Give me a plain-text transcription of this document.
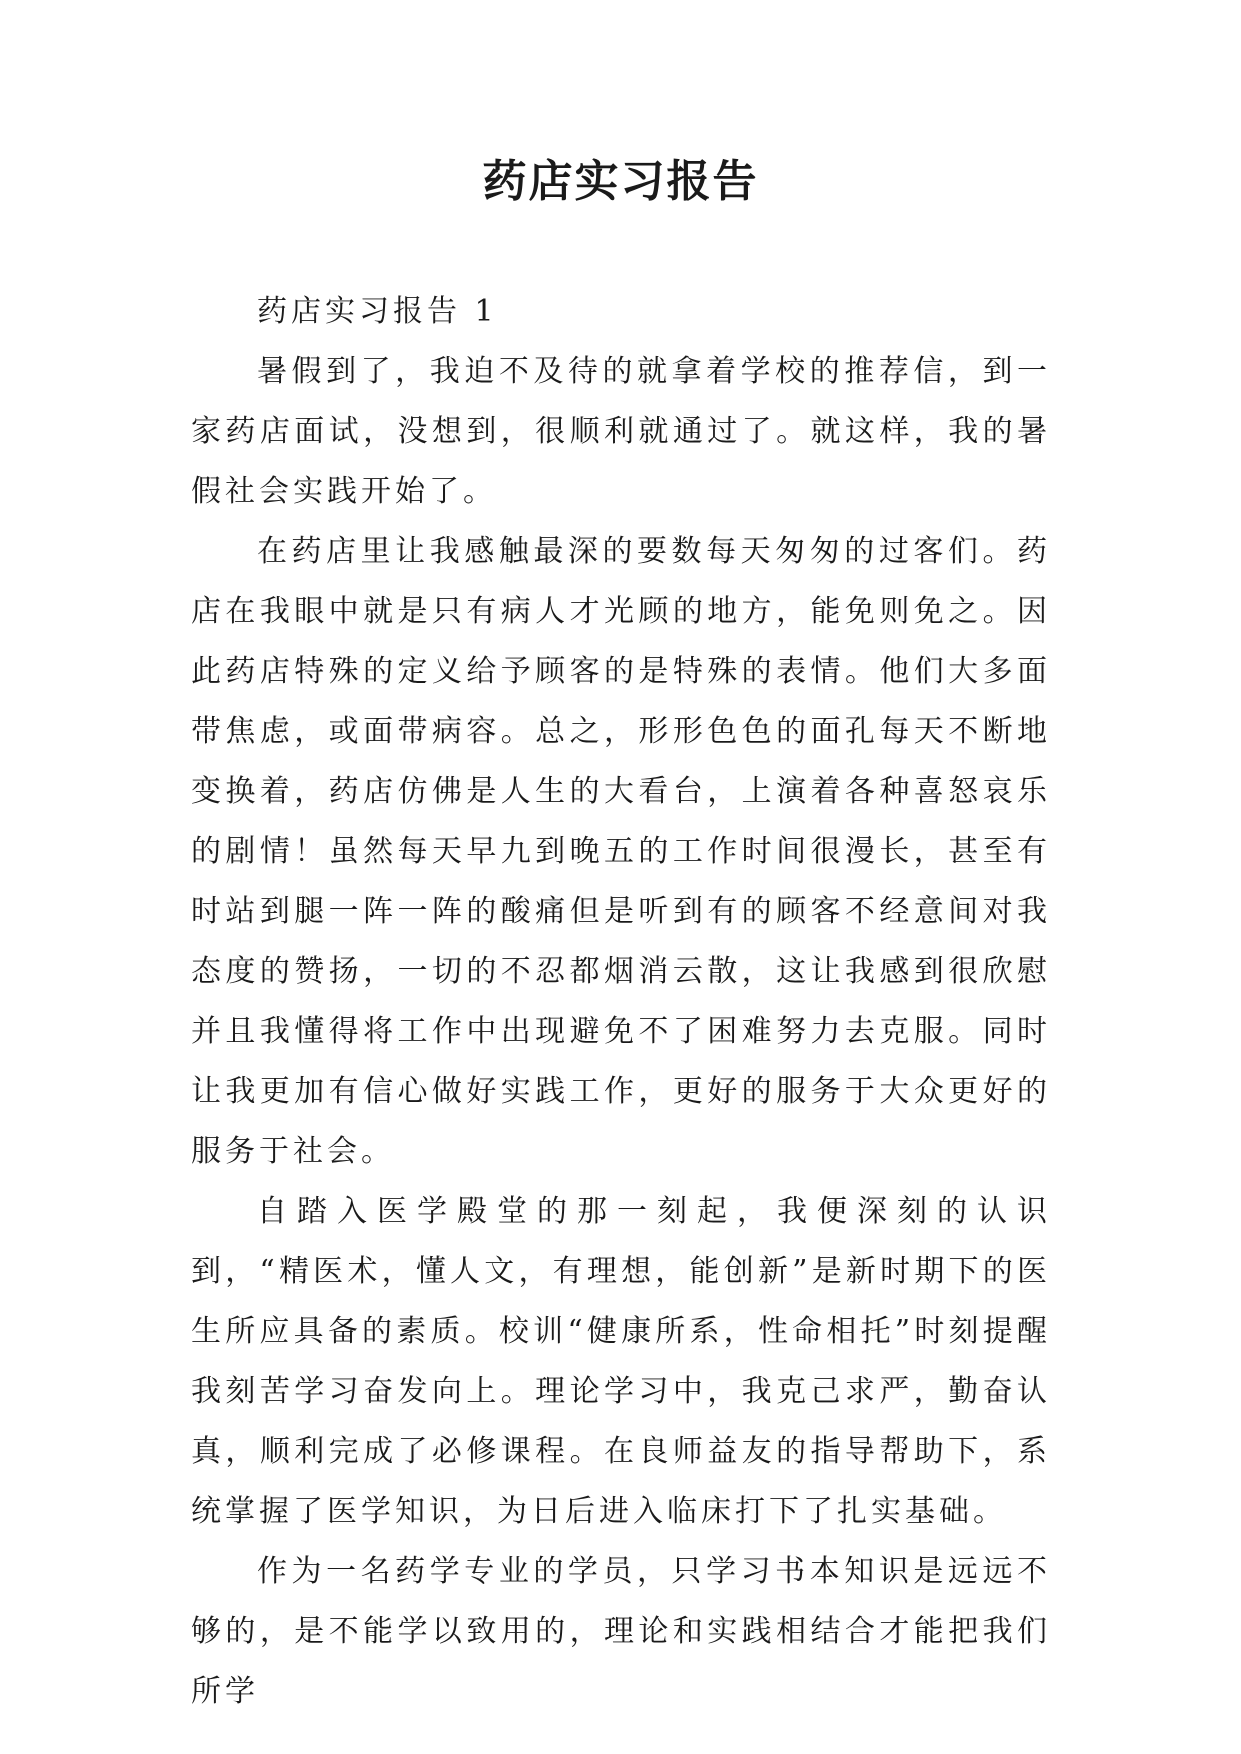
药店实习报告

药店实习报告 1

暑假到了，我迫不及待的就拿着学校的推荐信，到一家药店面试，没想到，很顺利就通过了。就这样，我的暑假社会实践开始了。

在药店里让我感触最深的要数每天匆匆的过客们。药店在我眼中就是只有病人才光顾的地方，能免则免之。因此药店特殊的定义给予顾客的是特殊的表情。他们大多面带焦虑，或面带病容。总之，形形色色的面孔每天不断地变换着，药店仿佛是人生的大看台，上演着各种喜怒哀乐的剧情！虽然每天早九到晚五的工作时间很漫长，甚至有时站到腿一阵一阵的酸痛但是听到有的顾客不经意间对我态度的赞扬，一切的不忍都烟消云散，这让我感到很欣慰并且我懂得将工作中出现避免不了困难努力去克服。同时让我更加有信心做好实践工作，更好的服务于大众更好的服务于社会。

自踏入医学殿堂的那一刻起，我便深刻的认识到，“精医术，懂人文，有理想，能创新”是新时期下的医生所应具备的素质。校训“健康所系，性命相托”时刻提醒我刻苦学习奋发向上。理论学习中，我克己求严，勤奋认真，顺利完成了必修课程。在良师益友的指导帮助下，系统掌握了医学知识，为日后进入临床打下了扎实基础。

作为一名药学专业的学员，只学习书本知识是远远不够的，是不能学以致用的，理论和实践相结合才能把我们所学
